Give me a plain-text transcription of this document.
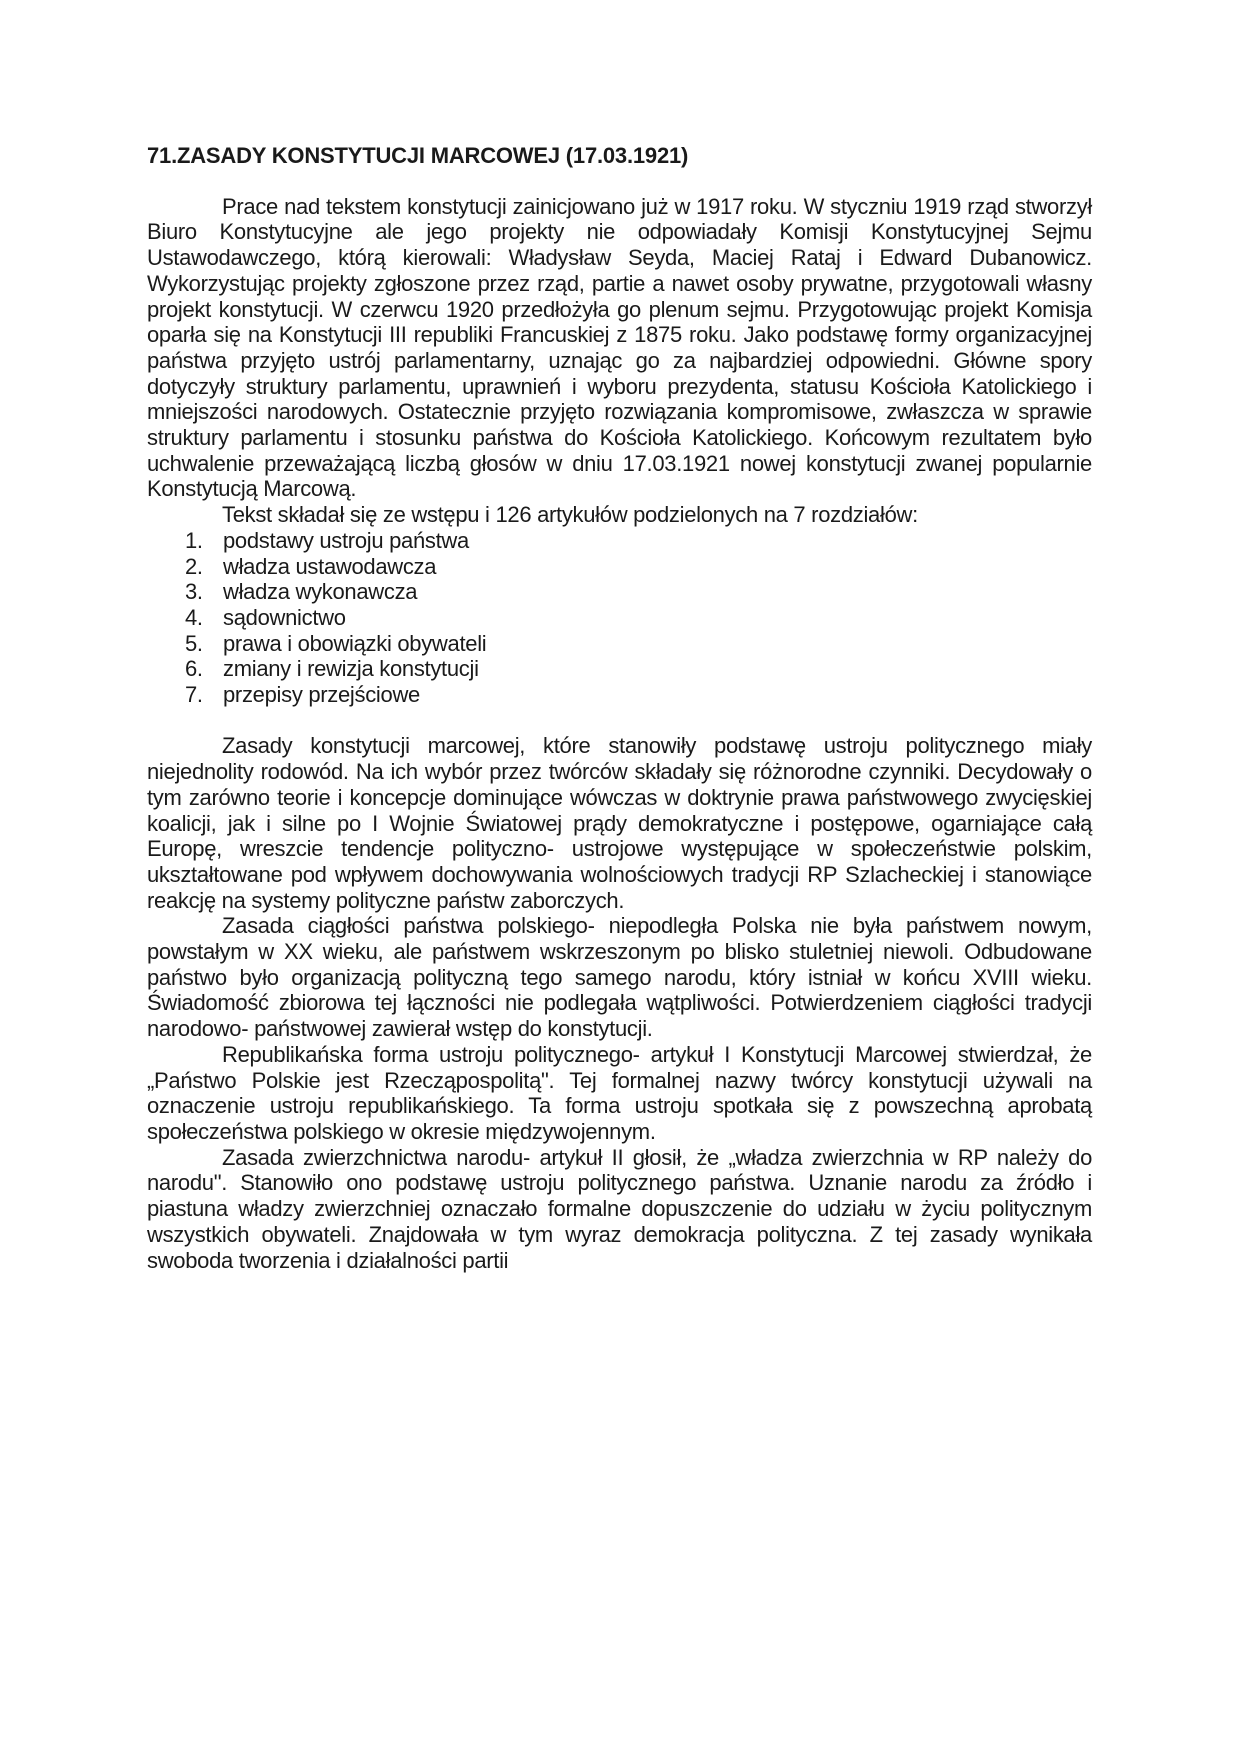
71.ZASADY KONSTYTUCJI MARCOWEJ (17.03.1921)

Prace nad tekstem konstytucji zainicjowano już w 1917 roku. W styczniu 1919 rząd stworzył Biuro Konstytucyjne ale jego projekty nie odpowiadały Komisji Konstytucyjnej Sejmu Ustawodawczego, którą kierowali: Władysław Seyda, Maciej Rataj i Edward Dubanowicz. Wykorzystując projekty zgłoszone przez rząd, partie a nawet osoby prywatne, przygotowali własny projekt konstytucji. W czerwcu 1920 przedłożyła go plenum sejmu. Przygotowując projekt Komisja oparła się na Konstytucji III republiki Francuskiej z 1875 roku. Jako podstawę formy organizacyjnej państwa przyjęto ustrój parlamentarny, uznając go za najbardziej odpowiedni. Główne spory dotyczyły struktury parlamentu, uprawnień i wyboru prezydenta, statusu Kościoła Katolickiego i mniejszości narodowych. Ostatecznie przyjęto rozwiązania kompromisowe, zwłaszcza w sprawie struktury parlamentu i stosunku państwa do Kościoła Katolickiego. Końcowym rezultatem było uchwalenie przeważającą liczbą głosów w dniu 17.03.1921 nowej konstytucji zwanej popularnie Konstytucją Marcową.

Tekst składał się ze wstępu i 126 artykułów podzielonych na 7 rozdziałów:

1. podstawy ustroju państwa
2. władza ustawodawcza
3. władza wykonawcza
4. sądownictwo
5. prawa i obowiązki obywateli
6. zmiany i rewizja konstytucji
7. przepisy przejściowe

Zasady konstytucji marcowej, które stanowiły podstawę ustroju politycznego miały niejednolity rodowód. Na ich wybór przez twórców składały się różnorodne czynniki. Decydowały o tym zarówno teorie i koncepcje dominujące wówczas w doktrynie prawa państwowego zwycięskiej koalicji, jak i silne po I Wojnie Światowej prądy demokratyczne i postępowe, ogarniające całą Europę, wreszcie tendencje polityczno- ustrojowe występujące w społeczeństwie polskim, ukształtowane pod wpływem dochowywania wolnościowych tradycji RP Szlacheckiej i stanowiące reakcję na systemy polityczne państw zaborczych.

Zasada ciągłości państwa polskiego- niepodległa Polska nie była państwem nowym, powstałym w XX wieku, ale państwem wskrzeszonym po blisko stuletniej niewoli. Odbudowane państwo było organizacją polityczną tego samego narodu, który istniał w końcu XVIII wieku. Świadomość zbiorowa tej łączności nie podlegała wątpliwości. Potwierdzeniem ciągłości tradycji narodowo- państwowej zawierał wstęp do konstytucji.

Republikańska forma ustroju politycznego- artykuł I Konstytucji Marcowej stwierdzał, że „Państwo Polskie jest Rzecząpospolitą". Tej formalnej nazwy twórcy konstytucji używali na oznaczenie ustroju republikańskiego. Ta forma ustroju spotkała się z powszechną aprobatą społeczeństwa polskiego w okresie międzywojennym.

Zasada zwierzchnictwa narodu- artykuł II głosił, że „władza zwierzchnia w RP należy do narodu". Stanowiło ono podstawę ustroju politycznego państwa. Uznanie narodu za źródło i piastuna władzy zwierzchniej oznaczało formalne dopuszczenie do udziału w życiu politycznym wszystkich obywateli. Znajdowała w tym wyraz demokracja polityczna. Z tej zasady wynikała swoboda tworzenia i działalności partii
